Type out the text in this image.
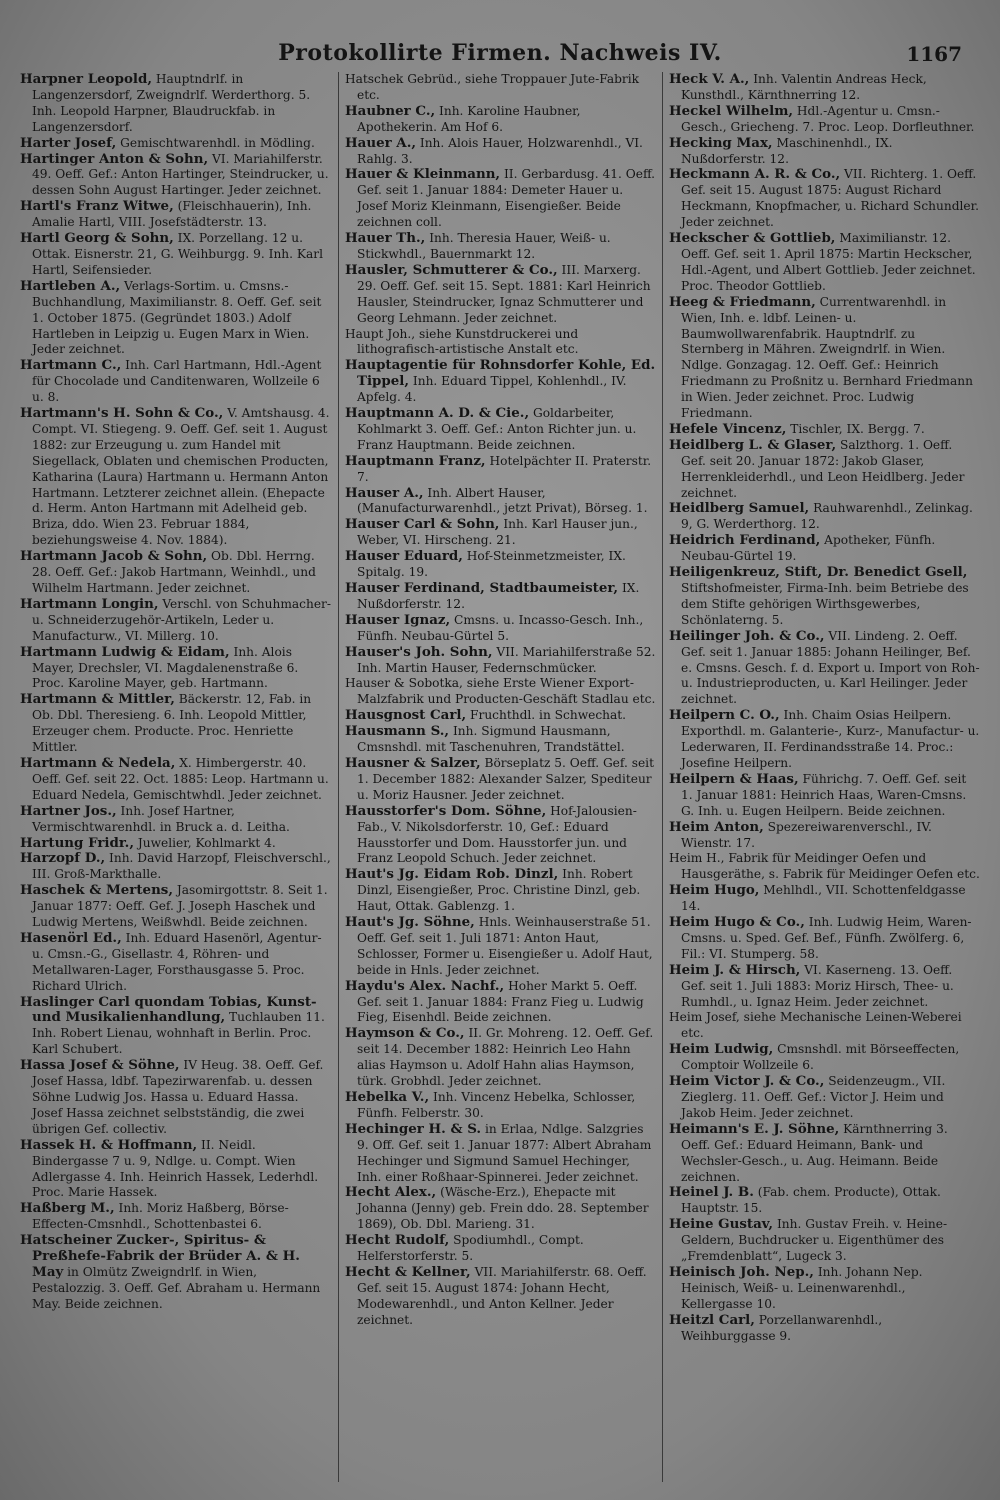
Protokollirte Firmen. Nachweis IV.	1167

Harpner Leopold, Hauptndrlf. in Langenzersdorf, Zweigndrlf. Werderthorg. 5. Inh. Leopold Harpner, Blaudruckfab. in Langenzersdorf.

Harter Josef, Gemischtwarenhdl. in Mödling.

Hartinger Anton & Sohn, VI. Mariahilferstr. 49. Oeff. Gef.: Anton Hartinger, Steindrucker, u. dessen Sohn August Hartinger. Jeder zeichnet.

Hartl's Franz Witwe, (Fleischhauerin), Inh. Amalie Hartl, VIII. Josefstädterstr. 13.

Hartl Georg & Sohn, IX. Porzellang. 12 u. Ottak. Eisnerstr. 21, G. Weihburgg. 9. Inh. Karl Hartl, Seifensieder.

Hartleben A., Verlags-Sortim. u. Cmsns.-Buchhandlung, Maximilianstr. 8. Oeff. Gef. seit 1. October 1875. (Gegründet 1803.) Adolf Hartleben in Leipzig u. Eugen Marx in Wien. Jeder zeichnet.

Hartmann C., Inh. Carl Hartmann, Hdl.-Agent für Chocolade und Canditenwaren, Wollzeile 6 u. 8.

Hartmann's H. Sohn & Co., V. Amtshausg. 4. Compt. VI. Stiegeng. 9. Oeff. Gef. seit 1. August 1882: zur Erzeugung u. zum Handel mit Siegellack, Oblaten und chemischen Producten, Katharina (Laura) Hartmann u. Hermann Anton Hartmann. Letzterer zeichnet allein. (Ehepacte d. Herm. Anton Hartmann mit Adelheid geb. Briza, ddo. Wien 23. Februar 1884, beziehungsweise 4. Nov. 1884).

Hartmann Jacob & Sohn, Ob. Dbl. Herrng. 28. Oeff. Gef.: Jakob Hartmann, Weinhdl., und Wilhelm Hartmann. Jeder zeichnet.

Hartmann Longin, Verschl. von Schuhmacher- u. Schneiderzugehör-Artikeln, Leder u. Manufacturw., VI. Millerg. 10.

Hartmann Ludwig & Eidam, Inh. Alois Mayer, Drechsler, VI. Magdalenenstraße 6. Proc. Karoline Mayer, geb. Hartmann.

Hartmann & Mittler, Bäckerstr. 12, Fab. in Ob. Dbl. Theresieng. 6. Inh. Leopold Mittler, Erzeuger chem. Producte. Proc. Henriette Mittler.

Hartmann & Nedela, X. Himbergerstr. 40. Oeff. Gef. seit 22. Oct. 1885: Leop. Hartmann u. Eduard Nedela, Gemischtwhdl. Jeder zeichnet.

Hartner Jos., Inh. Josef Hartner, Vermischtwarenhdl. in Bruck a. d. Leitha.

Hartung Fridr., Juwelier, Kohlmarkt 4.

Harzopf D., Inh. David Harzopf, Fleischverschl., III. Groß-Markthalle.

Haschek & Mertens, Jasomirgottstr. 8. Seit 1. Januar 1877: Oeff. Gef. J. Joseph Haschek und Ludwig Mertens, Weißwhdl. Beide zeichnen.

Hasenörl Ed., Inh. Eduard Hasenörl, Agentur- u. Cmsn.-G., Gisellastr. 4, Röhren- und Metallwaren-Lager, Forsthausgasse 5. Proc. Richard Ulrich.

Haslinger Carl quondam Tobias, Kunst- und Musikalienhandlung, Tuchlauben 11. Inh. Robert Lienau, wohnhaft in Berlin. Proc. Karl Schubert.

Hassa Josef & Söhne, IV Heug. 38. Oeff. Gef. Josef Hassa, ldbf. Tapezirwarenfab. u. dessen Söhne Ludwig Jos. Hassa u. Eduard Hassa. Josef Hassa zeichnet selbstständig, die zwei übrigen Gef. collectiv.

Hassek H. & Hoffmann, II. Neidl. Bindergasse 7 u. 9, Ndlge. u. Compt. Wien Adlergasse 4. Inh. Heinrich Hassek, Lederhdl. Proc. Marie Hassek.

Haßberg M., Inh. Moriz Haßberg, Börse-Effecten-Cmsnhdl., Schottenbastei 6.

Hatscheiner Zucker-, Spiritus- & Preßhefe-Fabrik der Brüder A. & H. May in Olmütz Zweigndrlf. in Wien, Pestalozzig. 3. Oeff. Gef. Abraham u. Hermann May. Beide zeichnen.

Hatschek Gebrüd., siehe Troppauer Jute-Fabrik etc.

Haubner C., Inh. Karoline Haubner, Apothekerin. Am Hof 6.

Hauer A., Inh. Alois Hauer, Holzwarenhdl., VI. Rahlg. 3.

Hauer & Kleinmann, II. Gerbardusg. 41. Oeff. Gef. seit 1. Januar 1884: Demeter Hauer u. Josef Moriz Kleinmann, Eisengießer. Beide zeichnen coll.

Hauer Th., Inh. Theresia Hauer, Weiß- u. Stickwhdl., Bauernmarkt 12.

Hausler, Schmutterer & Co., III. Marxerg. 29. Oeff. Gef. seit 15. Sept. 1881: Karl Heinrich Hausler, Steindrucker, Ignaz Schmutterer und Georg Lehmann. Jeder zeichnet.

Haupt Joh., siehe Kunstdruckerei und lithografisch-artistische Anstalt etc.

Hauptagentie für Rohnsdorfer Kohle, Ed. Tippel, Inh. Eduard Tippel, Kohlenhdl., IV. Apfelg. 4.

Hauptmann A. D. & Cie., Goldarbeiter, Kohlmarkt 3. Oeff. Gef.: Anton Richter jun. u. Franz Hauptmann. Beide zeichnen.

Hauptmann Franz, Hotelpächter II. Praterstr. 7.

Hauser A., Inh. Albert Hauser, (Manufacturwarenhdl., jetzt Privat), Börseg. 1.

Hauser Carl & Sohn, Inh. Karl Hauser jun., Weber, VI. Hirscheng. 21.

Hauser Eduard, Hof-Steinmetzmeister, IX. Spitalg. 19.

Hauser Ferdinand, Stadtbaumeister, IX. Nußdorferstr. 12.

Hauser Ignaz, Cmsns. u. Incasso-Gesch. Inh., Fünfh. Neubau-Gürtel 5.

Hauser's Joh. Sohn, VII. Mariahilferstraße 52. Inh. Martin Hauser, Federnschmücker.

Hauser & Sobotka, siehe Erste Wiener Export-Malzfabrik und Producten-Geschäft Stadlau etc.

Hausgnost Carl, Fruchthdl. in Schwechat.

Hausmann S., Inh. Sigmund Hausmann, Cmsnshdl. mit Taschenuhren, Trandstättel.

Hausner & Salzer, Börseplatz 5. Oeff. Gef. seit 1. December 1882: Alexander Salzer, Spediteur u. Moriz Hausner. Jeder zeichnet.

Hausstorfer's Dom. Söhne, Hof-Jalousien-Fab., V. Nikolsdorferstr. 10, Gef.: Eduard Hausstorfer und Dom. Hausstorfer jun. und Franz Leopold Schuch. Jeder zeichnet.

Haut's Jg. Eidam Rob. Dinzl, Inh. Robert Dinzl, Eisengießer, Proc. Christine Dinzl, geb. Haut, Ottak. Gablenzg. 1.

Haut's Jg. Söhne, Hnls. Weinhauserstraße 51. Oeff. Gef. seit 1. Juli 1871: Anton Haut, Schlosser, Former u. Eisengießer u. Adolf Haut, beide in Hnls. Jeder zeichnet.

Haydu's Alex. Nachf., Hoher Markt 5. Oeff. Gef. seit 1. Januar 1884: Franz Fieg u. Ludwig Fieg, Eisenhdl. Beide zeichnen.

Haymson & Co., II. Gr. Mohreng. 12. Oeff. Gef. seit 14. December 1882: Heinrich Leo Hahn alias Haymson u. Adolf Hahn alias Haymson, türk. Grobhdl. Jeder zeichnet.

Hebelka V., Inh. Vincenz Hebelka, Schlosser, Fünfh. Felberstr. 30.

Hechinger H. & S. in Erlaa, Ndlge. Salzgries 9. Off. Gef. seit 1. Januar 1877: Albert Abraham Hechinger und Sigmund Samuel Hechinger, Inh. einer Roßhaar-Spinnerei. Jeder zeichnet.

Hecht Alex., (Wäsche-Erz.), Ehepacte mit Johanna (Jenny) geb. Frein ddo. 28. September 1869), Ob. Dbl. Marieng. 31.

Hecht Rudolf, Spodiumhdl., Compt. Helferstorferstr. 5.

Hecht & Kellner, VII. Mariahilferstr. 68. Oeff. Gef. seit 15. August 1874: Johann Hecht, Modewarenhdl., und Anton Kellner. Jeder zeichnet.

Heck V. A., Inh. Valentin Andreas Heck, Kunsthdl., Kärnthnerring 12.

Heckel Wilhelm, Hdl.-Agentur u. Cmsn.-Gesch., Griecheng. 7. Proc. Leop. Dorfleuthner.

Hecking Max, Maschinenhdl., IX. Nußdorferstr. 12.

Heckmann A. R. & Co., VII. Richterg. 1. Oeff. Gef. seit 15. August 1875: August Richard Heckmann, Knopfmacher, u. Richard Schundler. Jeder zeichnet.

Heckscher & Gottlieb, Maximilianstr. 12. Oeff. Gef. seit 1. April 1875: Martin Heckscher, Hdl.-Agent, und Albert Gottlieb. Jeder zeichnet. Proc. Theodor Gottlieb.

Heeg & Friedmann, Currentwarenhdl. in Wien, Inh. e. ldbf. Leinen- u. Baumwollwarenfabrik. Hauptndrlf. zu Sternberg in Mähren. Zweigndrlf. in Wien. Ndlge. Gonzagag. 12. Oeff. Gef.: Heinrich Friedmann zu Proßnitz u. Bernhard Friedmann in Wien. Jeder zeichnet. Proc. Ludwig Friedmann.

Hefele Vincenz, Tischler, IX. Bergg. 7.

Heidlberg L. & Glaser, Salzthorg. 1. Oeff. Gef. seit 20. Januar 1872: Jakob Glaser, Herrenkleiderhdl., und Leon Heidlberg. Jeder zeichnet.

Heidlberg Samuel, Rauhwarenhdl., Zelinkag. 9, G. Werderthorg. 12.

Heidrich Ferdinand, Apotheker, Fünfh. Neubau-Gürtel 19.

Heiligenkreuz, Stift, Dr. Benedict Gsell, Stiftshofmeister, Firma-Inh. beim Betriebe des dem Stifte gehörigen Wirthsgewerbes, Schönlaterng. 5.

Heilinger Joh. & Co., VII. Lindeng. 2. Oeff. Gef. seit 1. Januar 1885: Johann Heilinger, Bef. e. Cmsns. Gesch. f. d. Export u. Import von Roh- u. Industrieproducten, u. Karl Heilinger. Jeder zeichnet.

Heilpern C. O., Inh. Chaim Osias Heilpern. Exporthdl. m. Galanterie-, Kurz-, Manufactur- u. Lederwaren, II. Ferdinandsstraße 14. Proc.: Josefine Heilpern.

Heilpern & Haas, Führichg. 7. Oeff. Gef. seit 1. Januar 1881: Heinrich Haas, Waren-Cmsns. G. Inh. u. Eugen Heilpern. Beide zeichnen.

Heim Anton, Spezereiwarenverschl., IV. Wienstr. 17.

Heim H., Fabrik für Meidinger Oefen und Hausgeräthe, s. Fabrik für Meidinger Oefen etc.

Heim Hugo, Mehlhdl., VII. Schottenfeldgasse 14.

Heim Hugo & Co., Inh. Ludwig Heim, Waren-Cmsns. u. Sped. Gef. Bef., Fünfh. Zwölferg. 6, Fil.: VI. Stumperg. 58.

Heim J. & Hirsch, VI. Kaserneng. 13. Oeff. Gef. seit 1. Juli 1883: Moriz Hirsch, Thee- u. Rumhdl., u. Ignaz Heim. Jeder zeichnet.

Heim Josef, siehe Mechanische Leinen-Weberei etc.

Heim Ludwig, Cmsnshdl. mit Börseeffecten, Comptoir Wollzeile 6.

Heim Victor J. & Co., Seidenzeugm., VII. Zieglerg. 11. Oeff. Gef.: Victor J. Heim und Jakob Heim. Jeder zeichnet.

Heimann's E. J. Söhne, Kärnthnerring 3. Oeff. Gef.: Eduard Heimann, Bank- und Wechsler-Gesch., u. Aug. Heimann. Beide zeichnen.

Heinel J. B. (Fab. chem. Producte), Ottak. Hauptstr. 15.

Heine Gustav, Inh. Gustav Freih. v. Heine-Geldern, Buchdrucker u. Eigenthümer des „Fremdenblatt“, Lugeck 3.

Heinisch Joh. Nep., Inh. Johann Nep. Heinisch, Weiß- u. Leinenwarenhdl., Kellergasse 10.

Heitzl Carl, Porzellanwarenhdl., Weihburggasse 9.
